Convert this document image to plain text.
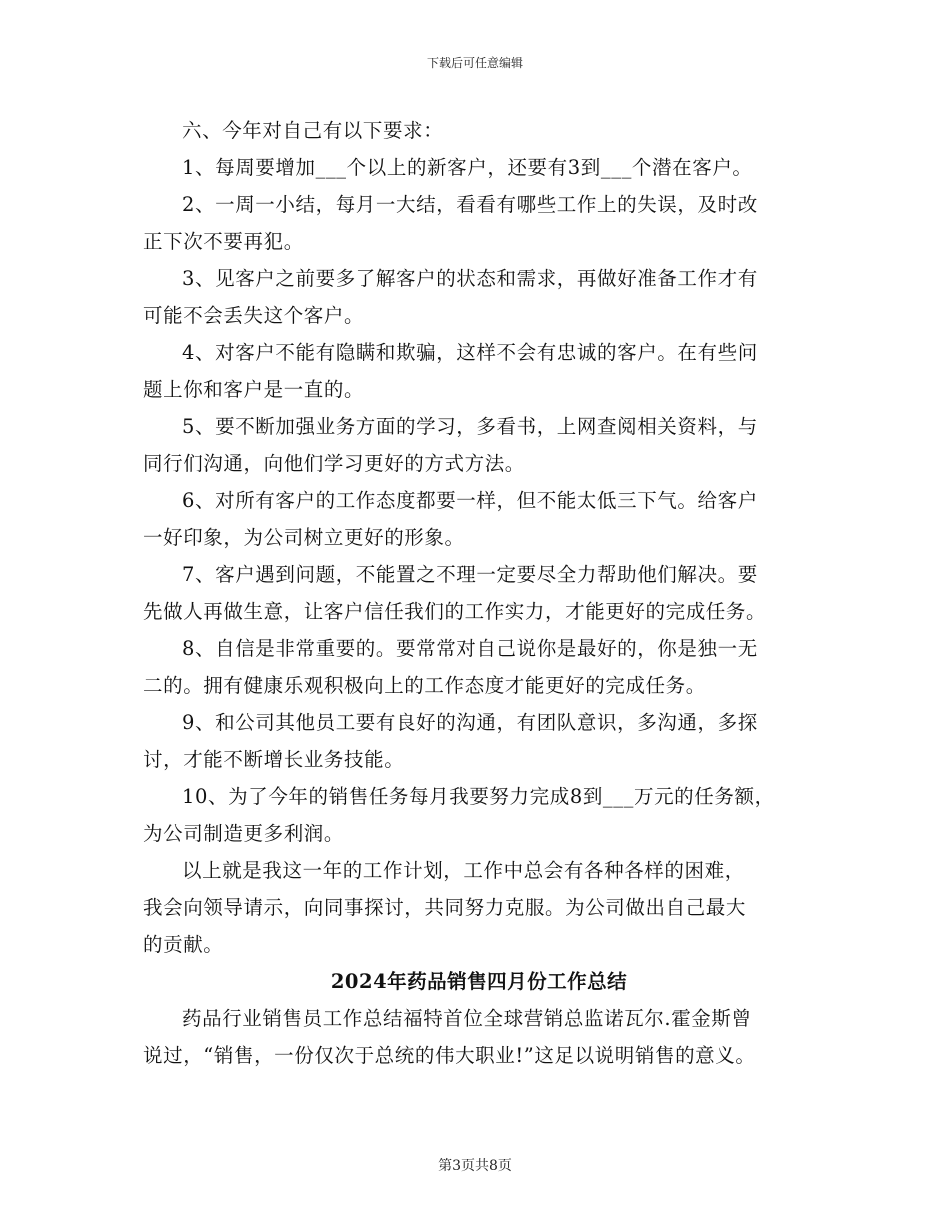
下载后可任意编辑

六、今年对自己有以下要求：

1、每周要增加___个以上的新客户，还要有3到___个潜在客户。

2、一周一小结，每月一大结，看看有哪些工作上的失误，及时改
正下次不要再犯。

3、见客户之前要多了解客户的状态和需求，再做好准备工作才有
可能不会丢失这个客户。

4、对客户不能有隐瞒和欺骗，这样不会有忠诚的客户。在有些问
题上你和客户是一直的。

5、要不断加强业务方面的学习，多看书，上网查阅相关资料，与
同行们沟通，向他们学习更好的方式方法。

6、对所有客户的工作态度都要一样，但不能太低三下气。给客户
一好印象，为公司树立更好的形象。

7、客户遇到问题，不能置之不理一定要尽全力帮助他们解决。要
先做人再做生意，让客户信任我们的工作实力，才能更好的完成任务。

8、自信是非常重要的。要常常对自己说你是最好的，你是独一无
二的。拥有健康乐观积极向上的工作态度才能更好的完成任务。

9、和公司其他员工要有良好的沟通，有团队意识，多沟通，多探
讨，才能不断增长业务技能。

10、为了今年的销售任务每月我要努力完成8到___万元的任务额，
为公司制造更多利润。

以上就是我这一年的工作计划，工作中总会有各种各样的困难，
我会向领导请示，向同事探讨，共同努力克服。为公司做出自己最大
的贡献。

2024年药品销售四月份工作总结

药品行业销售员工作总结福特首位全球营销总监诺瓦尔.霍金斯曾
说过，“销售，一份仅次于总统的伟大职业!”这足以说明销售的意义。

第3页共8页
